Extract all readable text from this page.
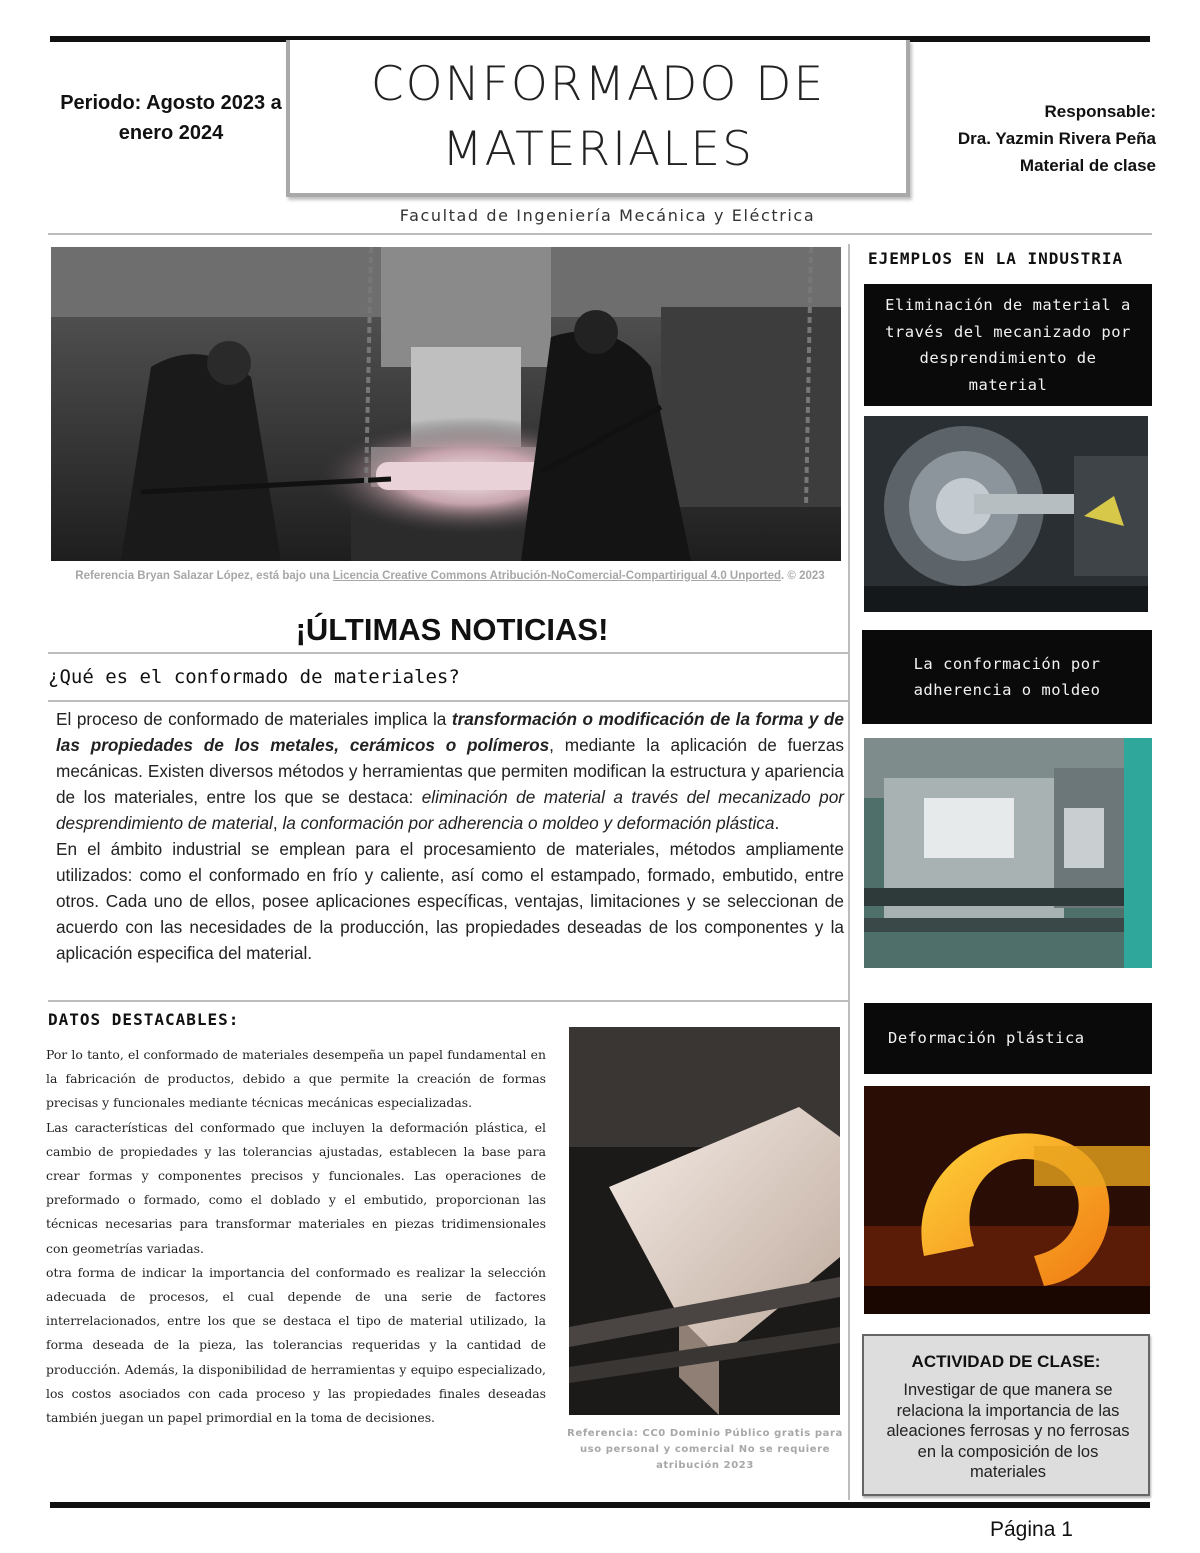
Periodo: Agosto 2023 a enero 2024
CONFORMADO DE
MATERIALES
Responsable:
Dra. Yazmin Rivera Peña
Material de clase
Facultad de Ingeniería Mecánica y Eléctrica
Referencia Bryan Salazar López, está bajo una Licencia Creative Commons Atribución-NoComercial-Compartirigual 4.0 Unported. © 2023
¡ÚLTIMAS NOTICIAS!
¿Qué es el conformado de materiales?

El proceso de conformado de materiales implica la transformación o modificación de la forma y de las propiedades de los metales, cerámicos o polímeros, mediante la aplicación de fuerzas mecánicas. Existen diversos métodos y herramientas que permiten modifican la estructura y apariencia de los materiales, entre los que se destaca: eliminación de material a través del mecanizado por desprendimiento de material, la conformación por adherencia o moldeo y deformación plástica.

En el ámbito industrial se emplean para el procesamiento de materiales, métodos ampliamente utilizados: como el conformado en frío y caliente, así como el estampado, formado, embutido, entre otros. Cada uno de ellos, posee aplicaciones específicas, ventajas, limitaciones y se seleccionan de acuerdo con las necesidades de la producción, las propiedades deseadas de los componentes y la aplicación especifica del material.

DATOS DESTACABLES:
Por lo tanto, el conformado de materiales desempeña un papel fundamental en la fabricación de productos, debido a que permite la creación de formas precisas y funcionales mediante técnicas mecánicas especializadas.
Las características del conformado que incluyen la deformación plástica, el cambio de propiedades y las tolerancias ajustadas, establecen la base para crear formas y componentes precisos y funcionales. Las operaciones de preformado o formado, como el doblado y el embutido, proporcionan las técnicas necesarias para transformar materiales en piezas tridimensionales con geometrías variadas.
otra forma de indicar la importancia del conformado es realizar la selección adecuada de procesos, el cual depende de una serie de factores interrelacionados, entre los que se destaca el tipo de material utilizado, la forma deseada de la pieza, las tolerancias requeridas y la cantidad de producción. Además, la disponibilidad de herramientas y equipo especializado, los costos asociados con cada proceso y las propiedades finales deseadas también juegan un papel primordial en la toma de decisiones.
Referencia: CC0 Dominio Público gratis para uso personal y comercial No se requiere atribución 2023
EJEMPLOS EN LA INDUSTRIA
Eliminación de material a través del mecanizado por desprendimiento de material
La conformación por adherencia o moldeo
Deformación plástica
ACTIVIDAD DE CLASE:
Investigar de que manera se relaciona la importancia de las aleaciones ferrosas y no ferrosas en la composición de los materiales
Página 1
